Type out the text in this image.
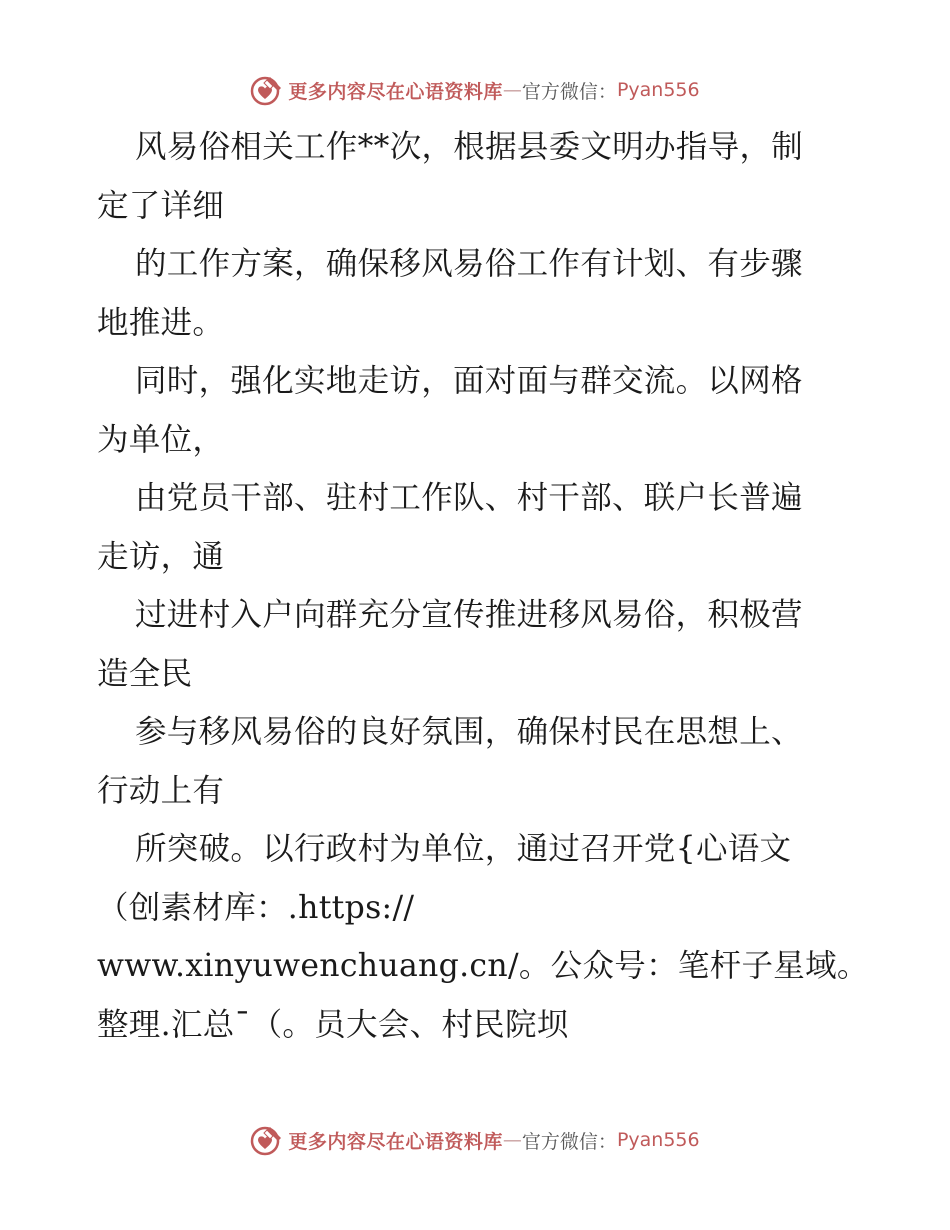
更多内容尽在心语资料库 — 官方微信： Pyan556
风易俗相关工作**次，根据县委文明办指导，制
定了详细
的工作方案，确保移风易俗工作有计划、有步骤
地推进。
同时，强化实地走访，面对面与群交流。以网格
为单位，
由党员干部、驻村工作队、村干部、联户长普遍
走访，通
过进村入户向群充分宣传推进移风易俗，积极营
造全民
参与移风易俗的良好氛围，确保村民在思想上、
行动上有
所突破。以行政村为单位，通过召开党{心语文
（创素材库：.https://
www.xinyuwenchuang.cn/。公众号：笔杆子星域。
整理.汇总¯（。员大会、村民院坝
更多内容尽在心语资料库 — 官方微信： Pyan556
